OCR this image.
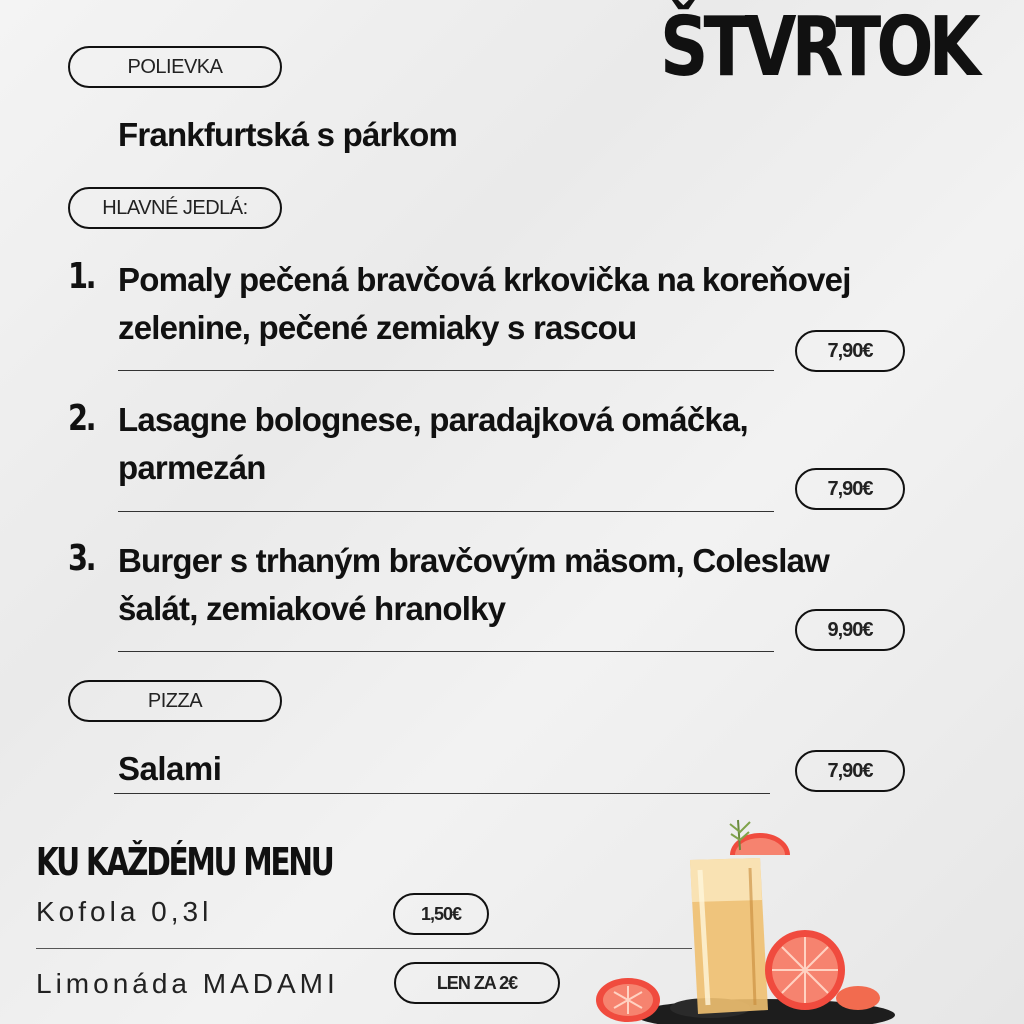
ŠTVRTOK
POLIEVKA
Frankfurtská s párkom
HLAVNÉ JEDLÁ:
1. Pomaly pečená bravčová krkovička na koreňovej
zelenine, pečené zemiaky s rascou
7,90€
2. Lasagne bolognese, paradajková omáčka,
parmezán
7,90€
3. Burger s trhaným bravčovým mäsom, Coleslaw
šalát, zemiakové hranolky
9,90€
PIZZA
Salami	7,90€
KU KAŽDÉMU MENU
Kofola 0,3l	1,50€
Limonáda MADAMI	LEN ZA 2€
